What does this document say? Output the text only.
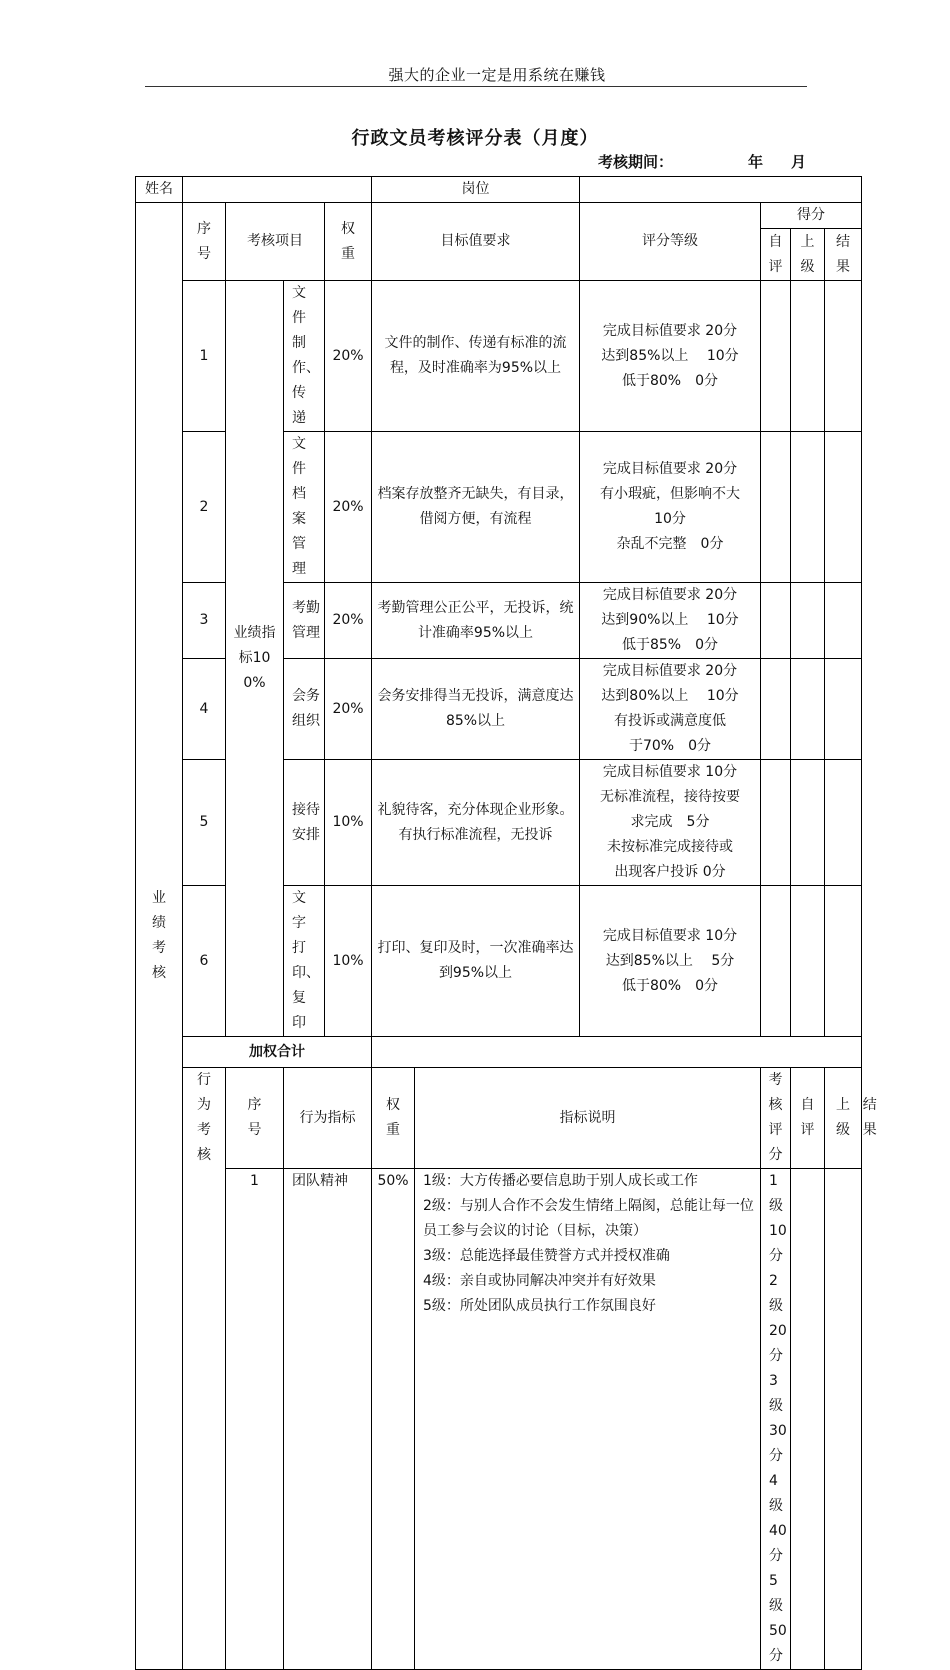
强大的企业一定是用系统在赚钱
行政文员考核评分表（月度）
考核期间：	年 月
姓名					岗位						
业绩考核	序号	考核项目		权重	目标值要求		评分等级	得分			
								自评	上级	结果	
	1	业绩指标100%	文件制作、传递	20%	文件的制作、传递有标准的流程，及时准确率为95%以上		完成目标值要求 20分
达到85%以上　 10分
低于80%　0分				
	2		文件档案管理	20%	档案存放整齐无缺失，有目录，借阅方便，有流程		完成目标值要求 20分
有小瑕疵，但影响不大
10分
杂乱不完整　0分				
	3		考勤管理	20%	考勤管理公正公平，无投诉，统计准确率95%以上		完成目标值要求 20分
达到90%以上　 10分
低于85%　0分				
	4		会务组织	20%	会务安排得当无投诉，满意度达85%以上		完成目标值要求 20分
达到80%以上　 10分
有投诉或满意度低
于70%　0分				
	5		接待安排	10%	礼貌待客，充分体现企业形象。有执行标准流程，无投诉		完成目标值要求 10分
无标准流程，接待按要
求完成　5分
未按标准完成接待或
出现客户投诉 0分				
	6		文字打印、复印	10%	打印、复印及时，一次准确率达到95%以上		完成目标值要求 10分
达到85%以上　 5分
低于80%　0分				
	加权合计										
	行为考核	序号	行为指标		权重	指标说明		考核评分	自评	上级	结果
		1	团队精神		50%	1级：大方传播必要信息助于别人成长或工作
2级：与别人合作不会发生情绪上隔阂，总能让每一位员工参与会议的讨论（目标，决策）
3级：总能选择最佳赞誉方式并授权准确
4级：亲自或协同解决冲突并有好效果
5级：所处团队成员执行工作氛围良好		1级10分
2级20分
3级30分
4级40分
5级50分			
